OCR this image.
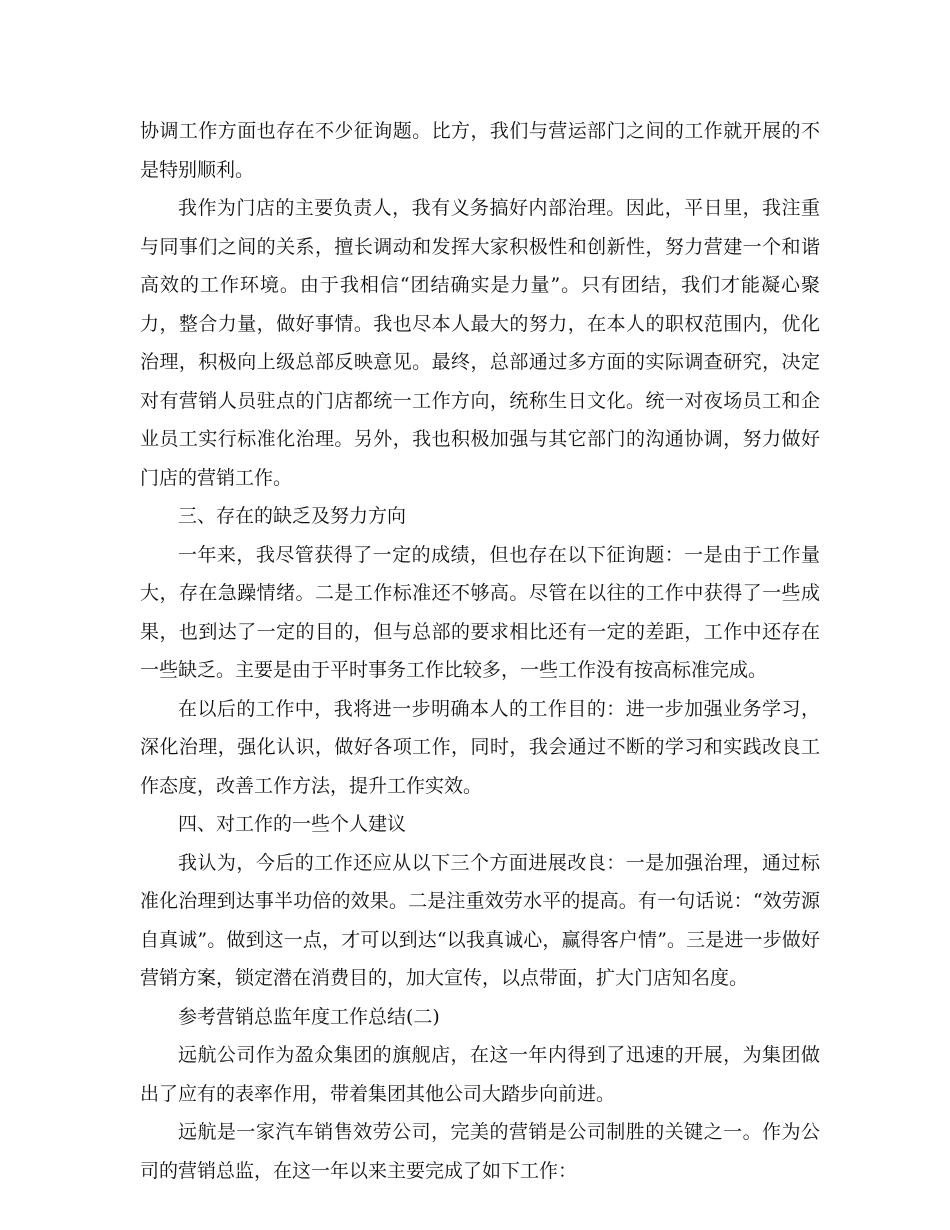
协调工作方面也存在不少征询题。比方，我们与营运部门之间的工作就开展的不是特别顺利。

我作为门店的主要负责人，我有义务搞好内部治理。因此，平日里，我注重与同事们之间的关系，擅长调动和发挥大家积极性和创新性，努力营建一个和谐高效的工作环境。由于我相信“团结确实是力量”。只有团结，我们才能凝心聚力，整合力量，做好事情。我也尽本人最大的努力，在本人的职权范围内，优化治理，积极向上级总部反映意见。最终，总部通过多方面的实际调查研究，决定对有营销人员驻点的门店都统一工作方向，统称生日文化。统一对夜场员工和企业员工实行标准化治理。另外，我也积极加强与其它部门的沟通协调，努力做好门店的营销工作。

三、存在的缺乏及努力方向

一年来，我尽管获得了一定的成绩，但也存在以下征询题：一是由于工作量大，存在急躁情绪。二是工作标准还不够高。尽管在以往的工作中获得了一些成果，也到达了一定的目的，但与总部的要求相比还有一定的差距，工作中还存在一些缺乏。主要是由于平时事务工作比较多，一些工作没有按高标准完成。

在以后的工作中，我将进一步明确本人的工作目的：进一步加强业务学习，深化治理，强化认识，做好各项工作，同时，我会通过不断的学习和实践改良工作态度，改善工作方法，提升工作实效。

四、对工作的一些个人建议

我认为，今后的工作还应从以下三个方面进展改良：一是加强治理，通过标准化治理到达事半功倍的效果。二是注重效劳水平的提高。有一句话说：“效劳源自真诚”。做到这一点，才可以到达“以我真诚心，赢得客户情”。三是进一步做好营销方案，锁定潜在消费目的，加大宣传，以点带面，扩大门店知名度。

参考营销总监年度工作总结(二)

远航公司作为盈众集团的旗舰店，在这一年内得到了迅速的开展，为集团做出了应有的表率作用，带着集团其他公司大踏步向前进。

远航是一家汽车销售效劳公司，完美的营销是公司制胜的关键之一。作为公司的营销总监，在这一年以来主要完成了如下工作：
